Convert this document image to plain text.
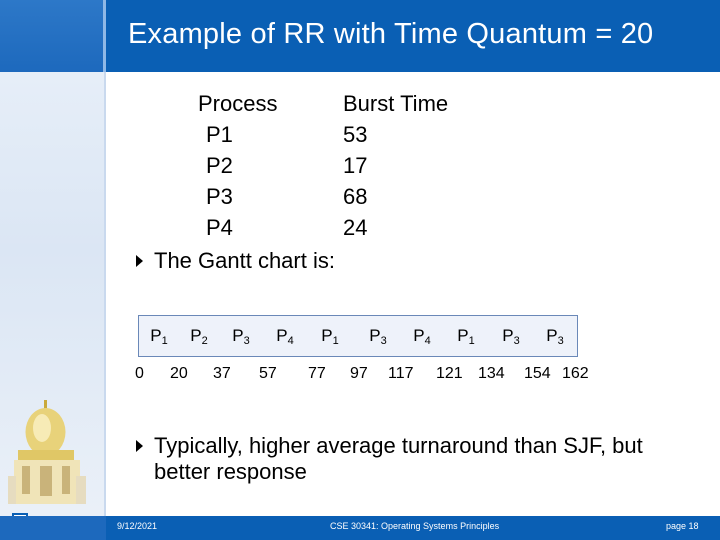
Example of RR with Time Quantum = 20
Process	Burst Time
P1	53
P2	17
P3	68
P4	24
The Gantt chart is:
$P_1$	$P_2$	$P_3$	$P_4$	$P_1$	$P_3$	$P_4$	$P_1$	$P_3$	$P_3$
0 20 37 57 77 97 117 121 134 154 162
Typically, higher average turnaround than SJF, but
better response
9/12/2021	CSE 30341: Operating Systems Principles	page 18
